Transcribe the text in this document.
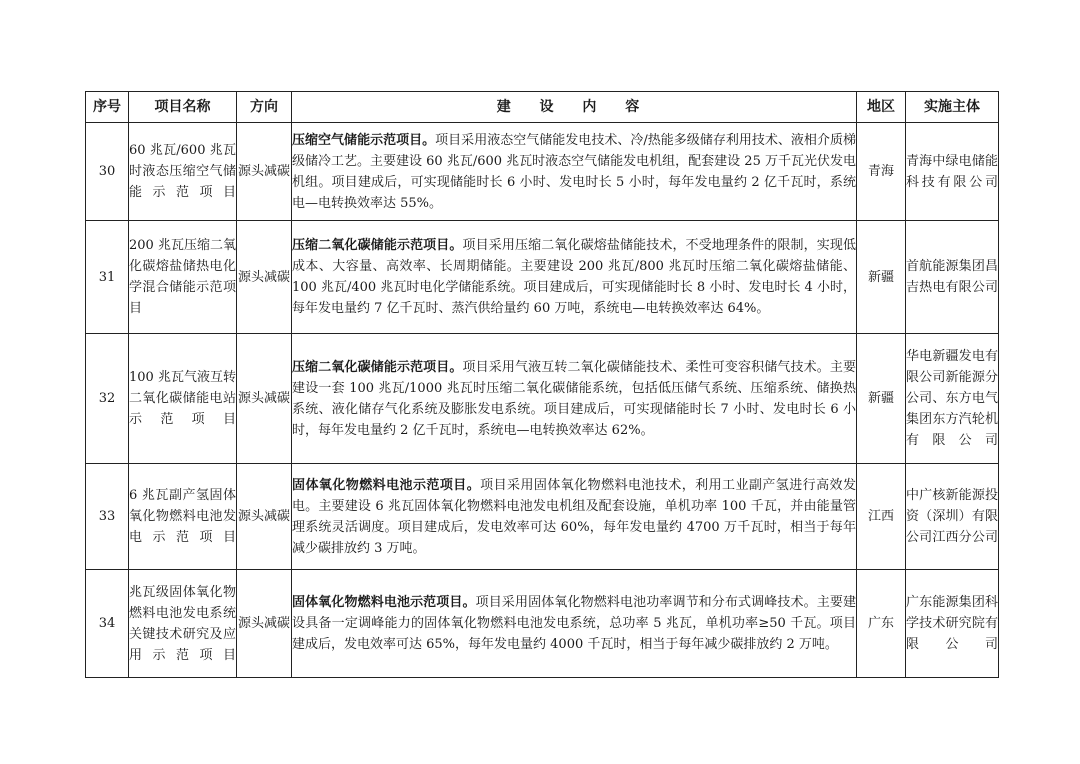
序号	项目名称	方向	建 设 内 容	地区	实施主体
30	60 兆瓦/600 兆瓦时液态压缩空气储能示范项目	源头减碳	压缩空气储能示范项目。项目采用液态空气储能发电技术、冷/热能多级储存利用技术、液相介质梯级储冷工艺。主要建设 60 兆瓦/600 兆瓦时液态空气储能发电机组，配套建设 25 万千瓦光伏发电机组。项目建成后，可实现储能时长 6 小时、发电时长 5 小时，每年发电量约 2 亿千瓦时，系统电—电转换效率达 55%。	青海	青海中绿电储能科技有限公司
31	200 兆瓦压缩二氧化碳熔盐储热电化学混合储能示范项目	源头减碳	压缩二氧化碳储能示范项目。项目采用压缩二氧化碳熔盐储能技术，不受地理条件的限制，实现低成本、大容量、高效率、长周期储能。主要建设 200 兆瓦/800 兆瓦时压缩二氧化碳熔盐储能、100 兆瓦/400 兆瓦时电化学储能系统。项目建成后，可实现储能时长 8 小时、发电时长 4 小时，每年发电量约 7 亿千瓦时、蒸汽供给量约 60 万吨，系统电—电转换效率达 64%。	新疆	首航能源集团昌吉热电有限公司
32	100 兆瓦气液互转二氧化碳储能电站示范项目	源头减碳	压缩二氧化碳储能示范项目。项目采用气液互转二氧化碳储能技术、柔性可变容积储气技术。主要建设一套 100 兆瓦/1000 兆瓦时压缩二氧化碳储能系统，包括低压储气系统、压缩系统、储换热系统、液化储存气化系统及膨胀发电系统。项目建成后，可实现储能时长 7 小时、发电时长 6 小时，每年发电量约 2 亿千瓦时，系统电—电转换效率达 62%。	新疆	华电新疆发电有限公司新能源分公司、东方电气集团东方汽轮机有限公司
33	6 兆瓦副产氢固体氧化物燃料电池发电示范项目	源头减碳	固体氧化物燃料电池示范项目。项目采用固体氧化物燃料电池技术，利用工业副产氢进行高效发电。主要建设 6 兆瓦固体氧化物燃料电池发电机组及配套设施，单机功率 100 千瓦，并由能量管理系统灵活调度。项目建成后，发电效率可达 60%，每年发电量约 4700 万千瓦时，相当于每年减少碳排放约 3 万吨。	江西	中广核新能源投资（深圳）有限公司江西分公司
34	兆瓦级固体氧化物燃料电池发电系统关键技术研究及应用示范项目	源头减碳	固体氧化物燃料电池示范项目。项目采用固体氧化物燃料电池功率调节和分布式调峰技术。主要建设具备一定调峰能力的固体氧化物燃料电池发电系统，总功率 5 兆瓦，单机功率≥50 千瓦。项目建成后，发电效率可达 65%，每年发电量约 4000 千瓦时，相当于每年减少碳排放约 2 万吨。	广东	广东能源集团科学技术研究院有限公司
